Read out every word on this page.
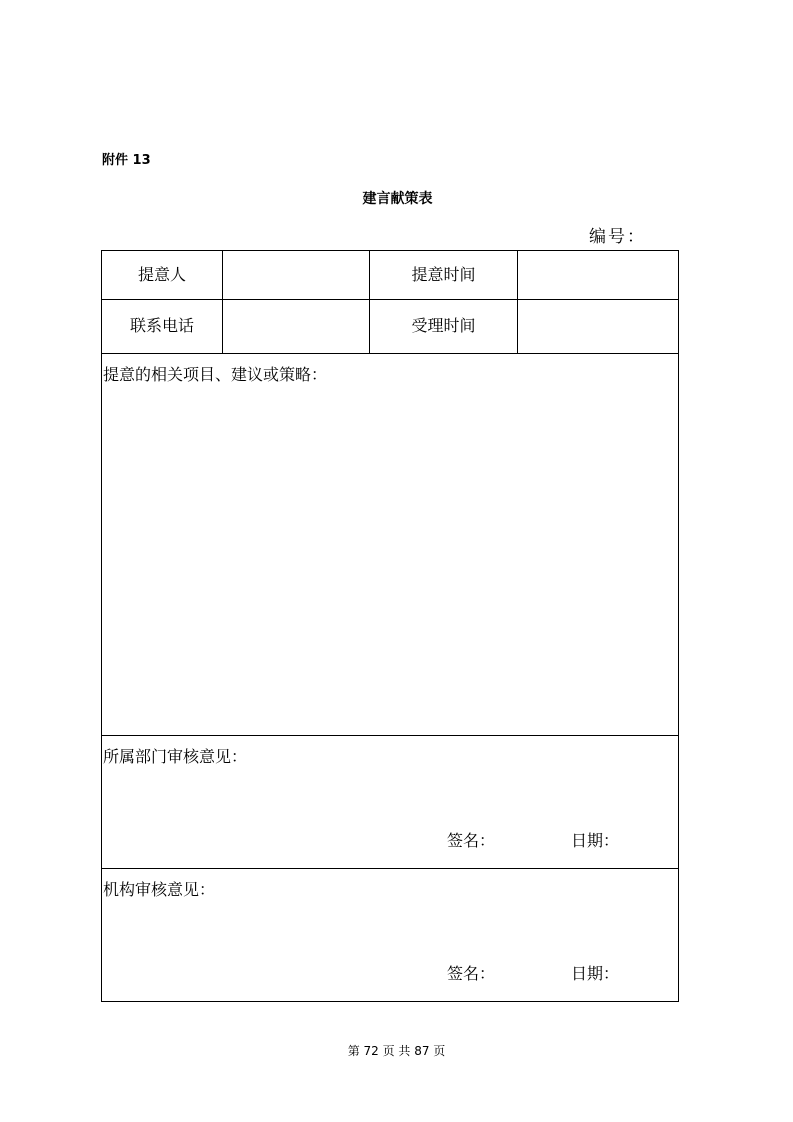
附件 13
建言献策表
编号：
提意人	提意时间
联系电话	受理时间
提意的相关项目、建议或策略：
所属部门审核意见：
签名：	日期：
机构审核意见：
签名：	日期：
第 72 页 共 87 页
